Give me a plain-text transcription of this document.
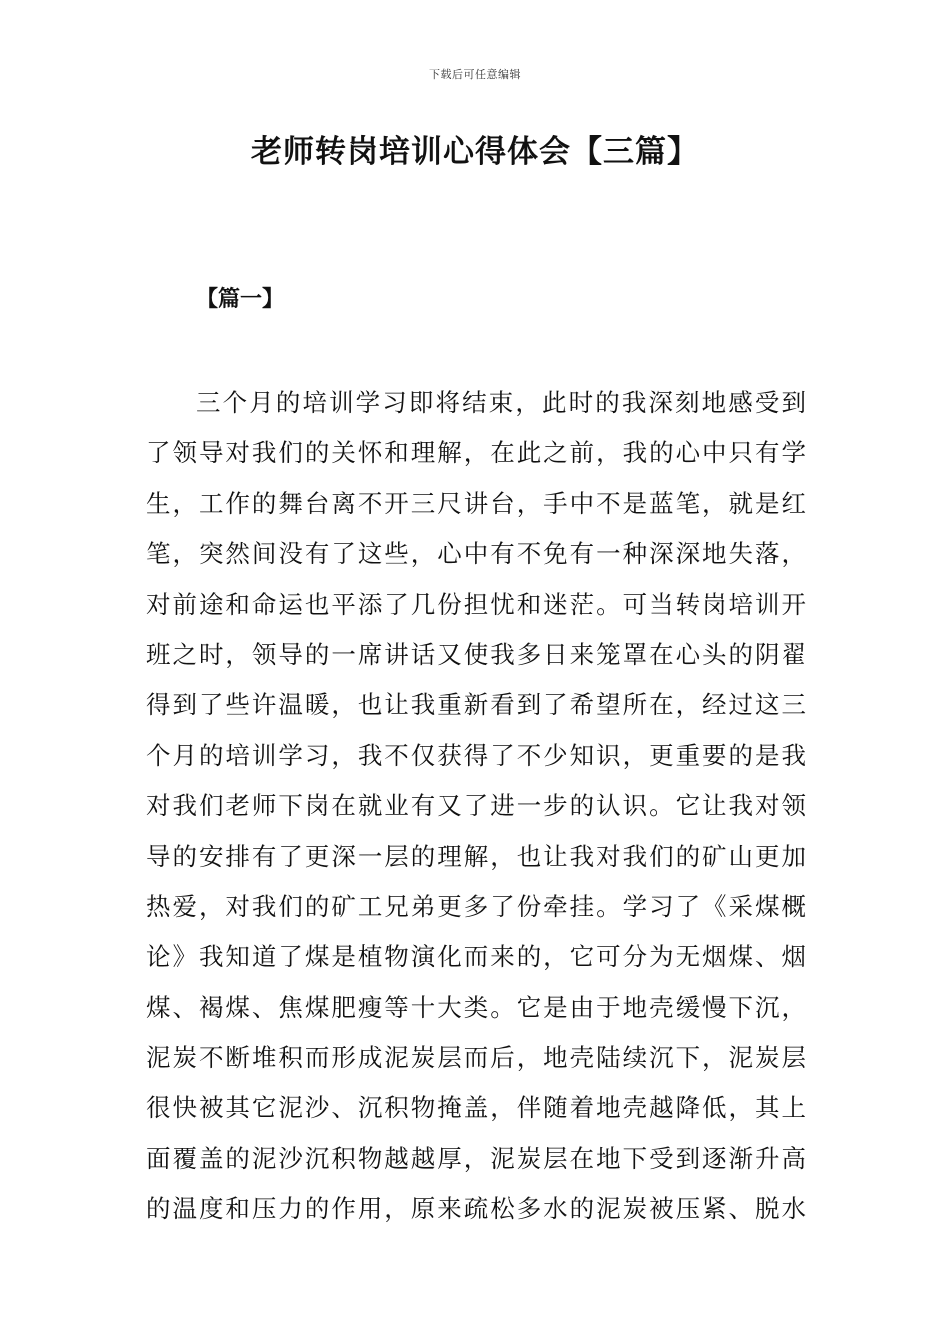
下载后可任意编辑
老师转岗培训心得体会【三篇】
【篇一】
三个月的培训学习即将结束，此时的我深刻地感受到
了领导对我们的关怀和理解，在此之前，我的心中只有学
生，工作的舞台离不开三尺讲台，手中不是蓝笔，就是红
笔，突然间没有了这些，心中有不免有一种深深地失落，
对前途和命运也平添了几份担忧和迷茫。可当转岗培训开
班之时，领导的一席讲话又使我多日来笼罩在心头的阴翟
得到了些许温暖，也让我重新看到了希望所在，经过这三
个月的培训学习，我不仅获得了不少知识，更重要的是我
对我们老师下岗在就业有又了进一步的认识。它让我对领
导的安排有了更深一层的理解，也让我对我们的矿山更加
热爱，对我们的矿工兄弟更多了份牵挂。学习了《采煤概
论》我知道了煤是植物演化而来的，它可分为无烟煤、烟
煤、褐煤、焦煤肥瘦等十大类。它是由于地壳缓慢下沉，
泥炭不断堆积而形成泥炭层而后，地壳陆续沉下，泥炭层
很快被其它泥沙、沉积物掩盖，伴随着地壳越降低，其上
面覆盖的泥沙沉积物越越厚，泥炭层在地下受到逐渐升高
的温度和压力的作用，原来疏松多水的泥炭被压紧、脱水
